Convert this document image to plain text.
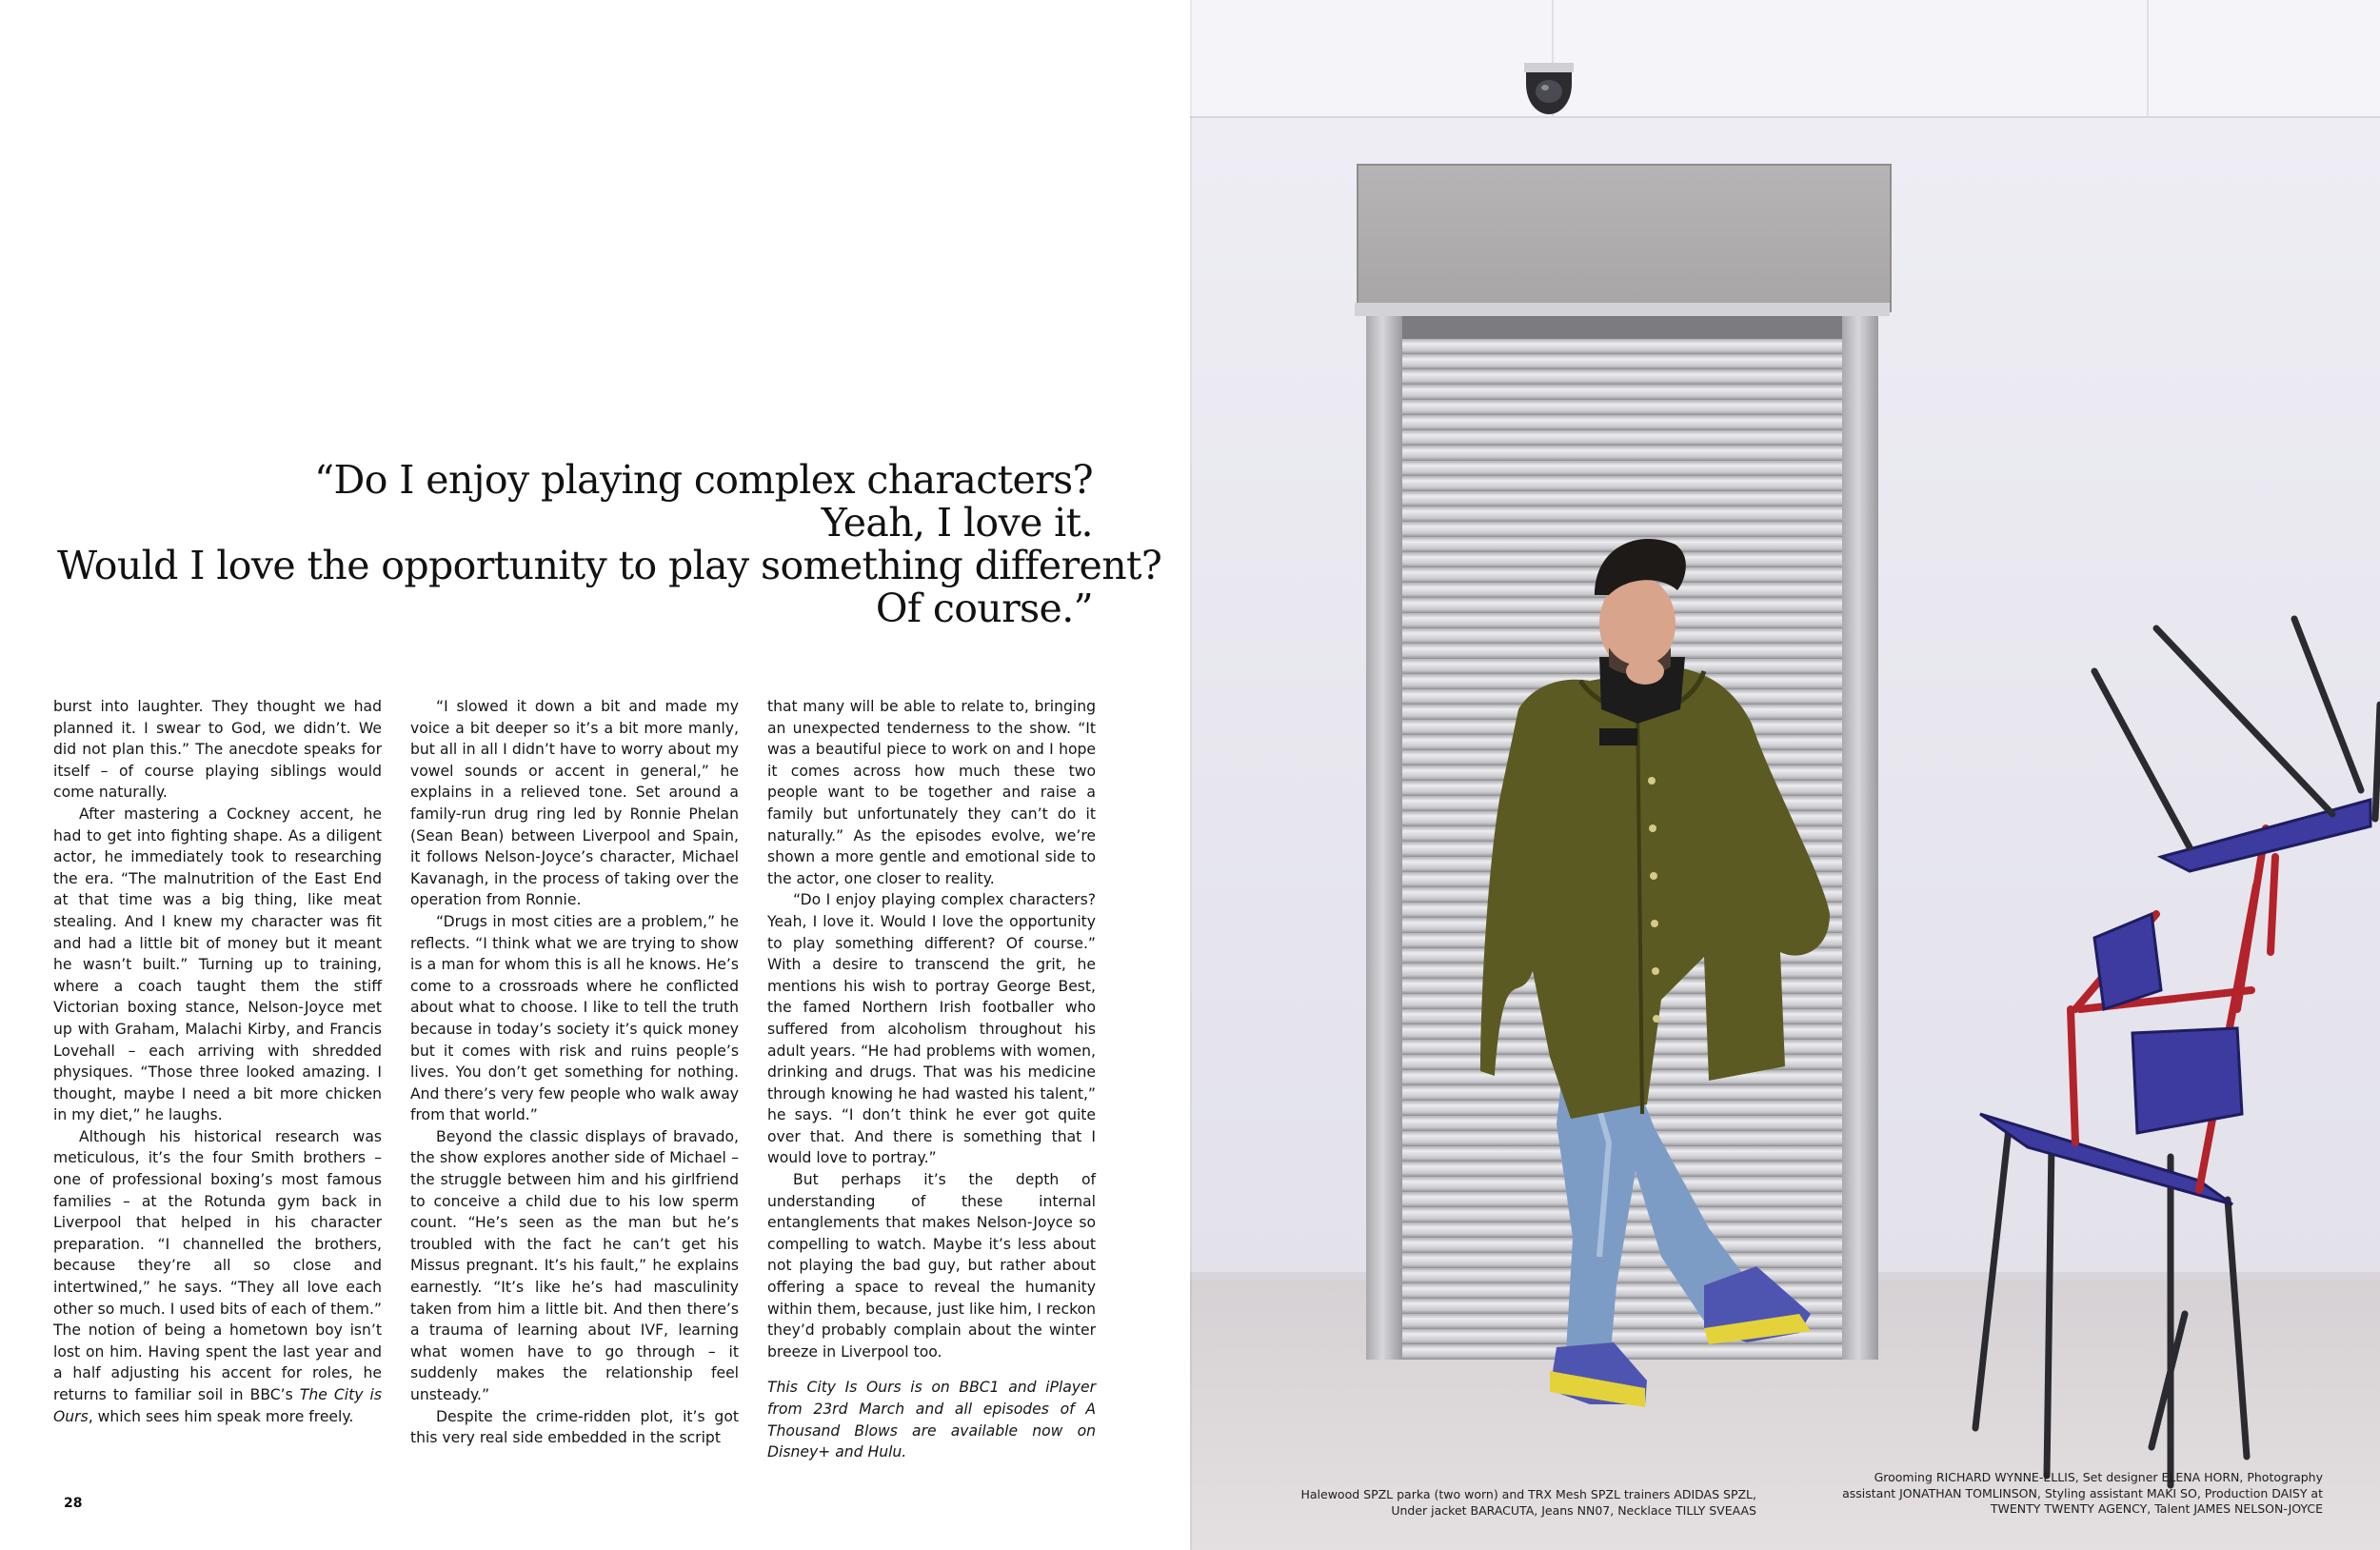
“Do I enjoy playing complex characters?
Yeah, I love it.
Would I love the opportunity to play something different?
Of course.”

burst into laughter. They thought we had planned it. I swear to God, we didn’t. We did not plan this.” The anecdote speaks for itself – of course playing siblings would come naturally.

After mastering a Cockney accent, he had to get into fighting shape. As a diligent actor, he immediately took to researching the era. “The malnutrition of the East End at that time was a big thing, like meat stealing. And I knew my character was fit and had a little bit of money but it meant he wasn’t built.” Turning up to training, where a coach taught them the stiff Victorian boxing stance, Nelson-Joyce met up with Graham, Malachi Kirby, and Francis Lovehall – each arriving with shredded physiques. “Those three looked amazing. I thought, maybe I need a bit more chicken in my diet,” he laughs.

Although his historical research was meticulous, it’s the four Smith brothers – one of professional boxing’s most famous families – at the Rotunda gym back in Liverpool that helped in his character preparation. “I channelled the brothers, because they’re all so close and intertwined,” he says. “They all love each other so much. I used bits of each of them.” The notion of being a hometown boy isn’t lost on him. Having spent the last year and a half adjusting his accent for roles, he returns to familiar soil in BBC’s The City is Ours, which sees him speak more freely.

“I slowed it down a bit and made my voice a bit deeper so it’s a bit more manly, but all in all I didn’t have to worry about my vowel sounds or accent in general,” he explains in a relieved tone. Set around a family-run drug ring led by Ronnie Phelan (Sean Bean) between Liverpool and Spain, it follows Nelson-Joyce’s character, Michael Kavanagh, in the process of taking over the operation from Ronnie.

“Drugs in most cities are a problem,” he reflects. “I think what we are trying to show is a man for whom this is all he knows. He’s come to a crossroads where he conflicted about what to choose. I like to tell the truth because in today’s society it’s quick money but it comes with risk and ruins people’s lives. You don’t get something for nothing. And there’s very few people who walk away from that world.”

Beyond the classic displays of bravado, the show explores another side of Michael – the struggle between him and his girlfriend to conceive a child due to his low sperm count. “He’s seen as the man but he’s troubled with the fact he can’t get his Missus pregnant. It’s his fault,” he explains earnestly. “It’s like he’s had masculinity taken from him a little bit. And then there’s a trauma of learning about IVF, learning what women have to go through – it suddenly makes the relationship feel unsteady.”

Despite the crime-ridden plot, it’s got this very real side embedded in the script

that many will be able to relate to, bringing an unexpected tenderness to the show. “It was a beautiful piece to work on and I hope it comes across how much these two people want to be together and raise a family but unfortunately they can’t do it naturally.” As the episodes evolve, we’re shown a more gentle and emotional side to the actor, one closer to reality.

“Do I enjoy playing complex characters? Yeah, I love it. Would I love the opportunity to play something different? Of course.” With a desire to transcend the grit, he mentions his wish to portray George Best, the famed Northern Irish footballer who suffered from alcoholism throughout his adult years. “He had problems with women, drinking and drugs. That was his medicine through knowing he had wasted his talent,” he says. “I don’t think he ever got quite over that. And there is something that I would love to portray.”

But perhaps it’s the depth of understanding of these internal entanglements that makes Nelson-Joyce so compelling to watch. Maybe it’s less about not playing the bad guy, but rather about offering a space to reveal the humanity within them, because, just like him, I reckon they’d probably complain about the winter breeze in Liverpool too.

This City Is Ours is on BBC1 and iPlayer from 23rd March and all episodes of A Thousand Blows are available now on Disney+ and Hulu.

28
Halewood SPZL parka (two worn) and TRX Mesh SPZL trainers ADIDAS SPZL, Under jacket BARACUTA, Jeans NN07, Necklace TILLY SVEAAS
Grooming RICHARD WYNNE-ELLIS, Set designer ELENA HORN, Photography assistant JONATHAN TOMLINSON, Styling assistant MAKI SO, Production DAISY at TWENTY TWENTY AGENCY, Talent JAMES NELSON-JOYCE
